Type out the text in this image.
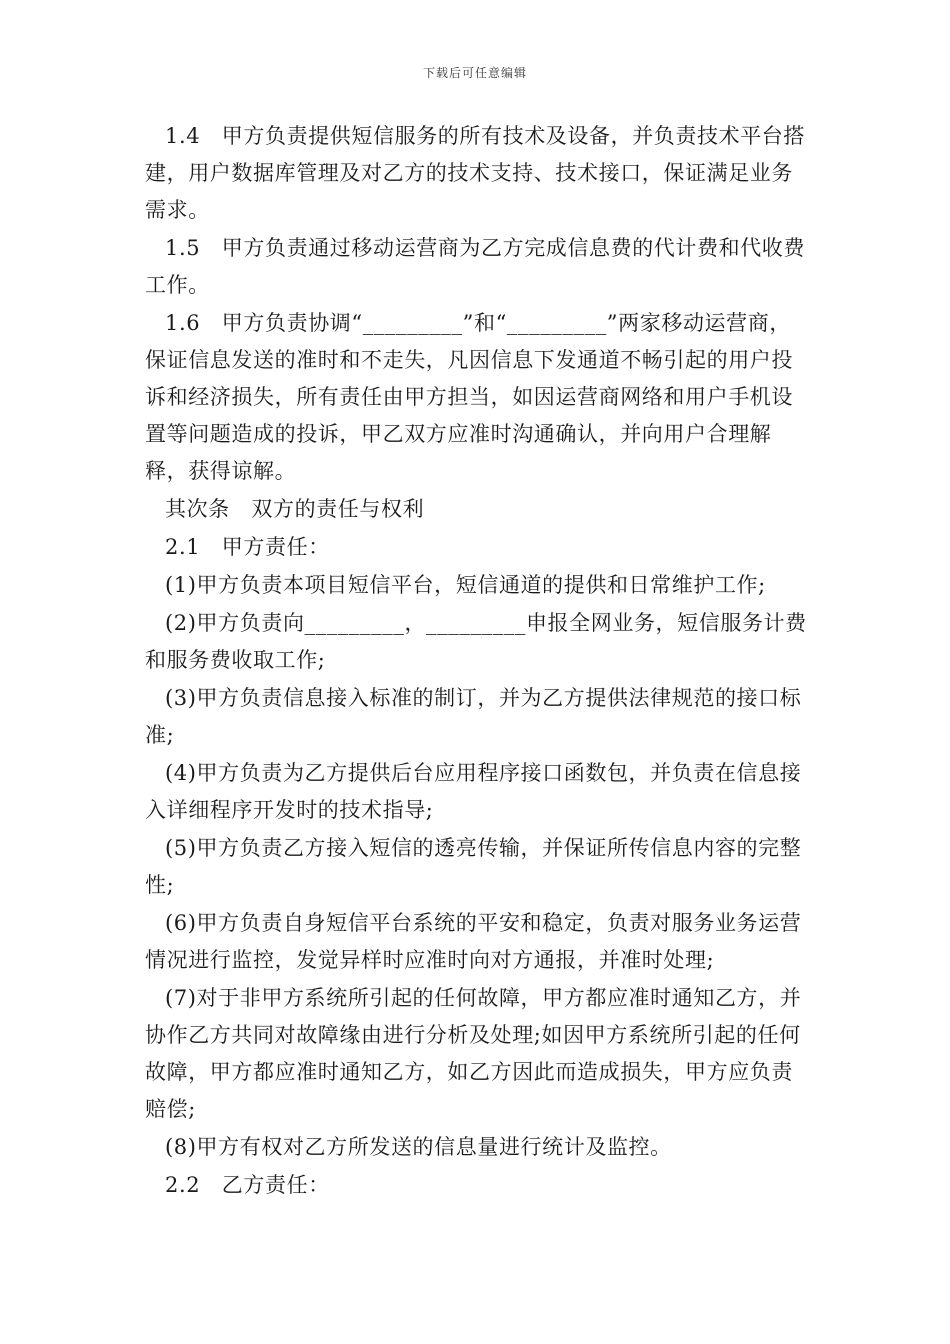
下载后可任意编辑

1.4　甲方负责提供短信服务的所有技术及设备，并负责技术平台搭建，用户数据库管理及对乙方的技术支持、技术接口，保证满足业务需求。

1.5　甲方负责通过移动运营商为乙方完成信息费的代计费和代收费工作。

1.6　甲方负责协调“_________”和“_________”两家移动运营商，保证信息发送的准时和不走失，凡因信息下发通道不畅引起的用户投诉和经济损失，所有责任由甲方担当，如因运营商网络和用户手机设置等问题造成的投诉，甲乙双方应准时沟通确认，并向用户合理解释，获得谅解。

其次条　双方的责任与权利

2.1　甲方责任：

(1)甲方负责本项目短信平台，短信通道的提供和日常维护工作;

(2)甲方负责向_________，_________申报全网业务，短信服务计费和服务费收取工作;

(3)甲方负责信息接入标准的制订，并为乙方提供法律规范的接口标准;

(4)甲方负责为乙方提供后台应用程序接口函数包，并负责在信息接入详细程序开发时的技术指导;

(5)甲方负责乙方接入短信的透亮传输，并保证所传信息内容的完整性;

(6)甲方负责自身短信平台系统的平安和稳定，负责对服务业务运营情况进行监控，发觉异样时应准时向对方通报，并准时处理;

(7)对于非甲方系统所引起的任何故障，甲方都应准时通知乙方，并协作乙方共同对故障缘由进行分析及处理;如因甲方系统所引起的任何故障，甲方都应准时通知乙方，如乙方因此而造成损失，甲方应负责赔偿;

(8)甲方有权对乙方所发送的信息量进行统计及监控。

2.2　乙方责任：
